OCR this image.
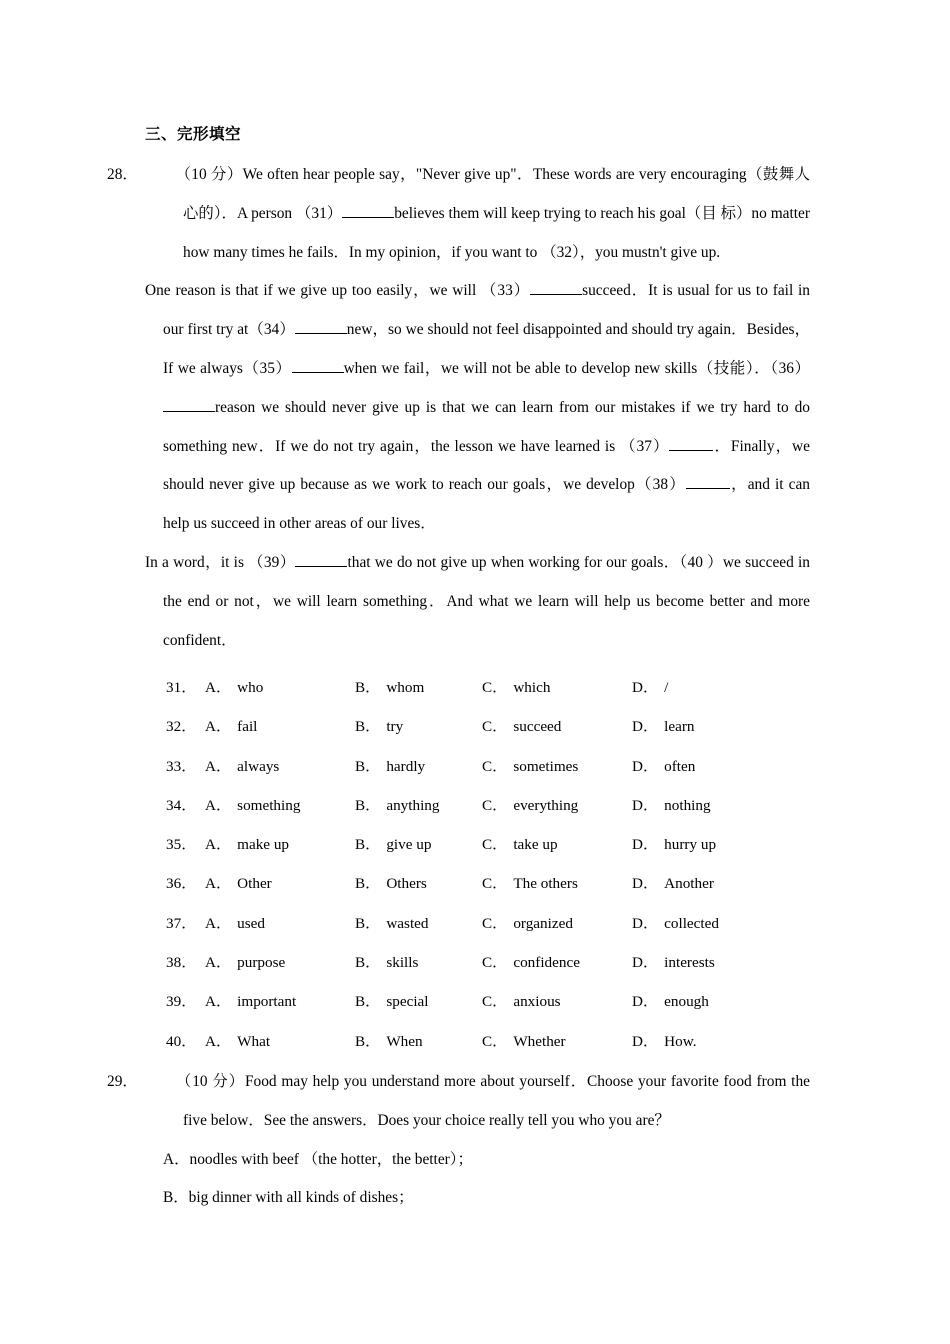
三、完形填空

28． （10 分）We often hear people say，"Never give up"．These words are very encouraging（鼓舞人心的）．A person （31）	believes them will keep trying to reach his goal（目 标）no matter how many times he fails．In my opinion，if you want to （32），you mustn't give up.

One reason is that if we give up too easily，we will （33）	succeed．It is usual for us to fail in our first try at（34）	new，so we should not feel disappointed and should try again．Besides，If we always（35）	when we fail，we will not be able to develop new skills（技能）．（36）reason we should never give up is that we can learn from our mistakes if we try hard to do something new．If we do not try again，the lesson we have learned is （37）	．Finally，we should never give up because as we work to reach our goals，we develop（38）	，and it can help us succeed in other areas of our lives．

In a word，it is （39）	that we do not give up when working for our goals．（40 ）we succeed in the end or not，we will learn something．And what we learn will help us become better and more confident．

31． A． who	B． whom	C． which	D． /
32． A． fail	B． try	C． succeed	D． learn
33． A． always	B． hardly	C． sometimes	D． often
34． A． something	B． anything	C． everything	D． nothing
35． A． make up	B． give up	C． take up	D． hurry up
36． A． Other	B． Others	C． The others	D． Another
37． A． used	B． wasted	C． organized	D． collected
38． A． purpose	B． skills	C． confidence	D． interests
39． A． important	B． special	C． anxious	D． enough
40． A． What	B． When	C． Whether	D． How.

29． （10 分）Food may help you understand more about yourself．Choose your favorite food from the five below．See the answers．Does your choice really tell you who you are？

A．noodles with beef （the hotter，the better）；

B．big dinner with all kinds of dishes；
